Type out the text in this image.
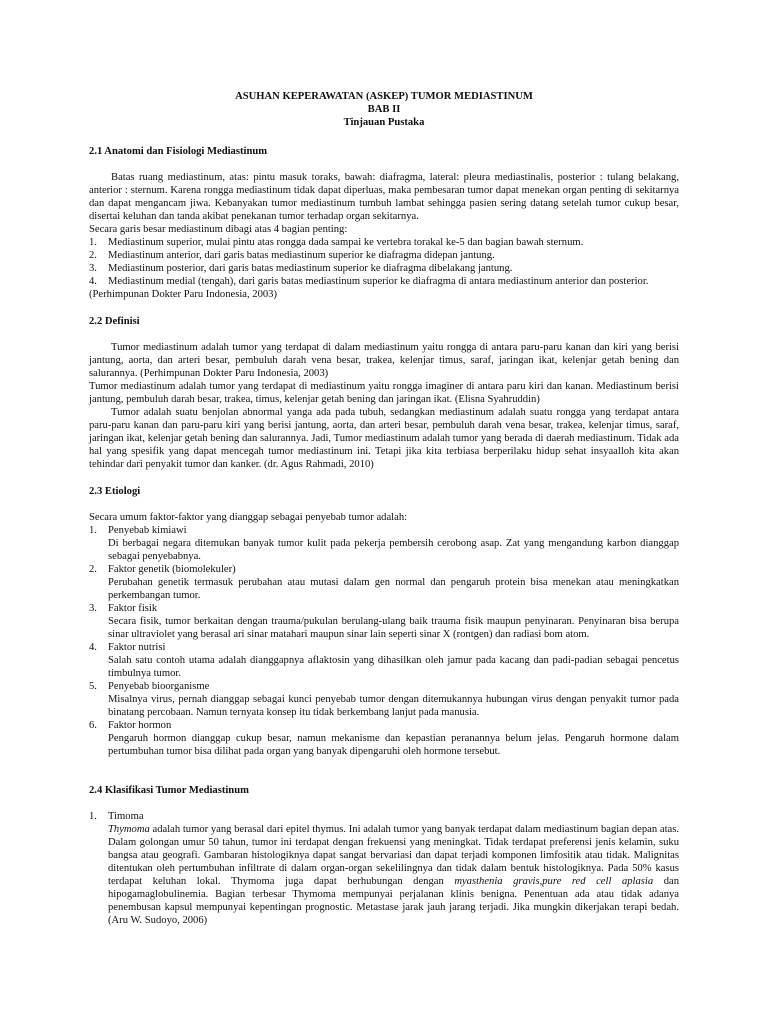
ASUHAN KEPERAWATAN (ASKEP) TUMOR MEDIASTINUM
BAB II
Tinjauan Pustaka
2.1 Anatomi dan Fisiologi Mediastinum

Batas ruang mediastinum, atas: pintu masuk toraks, bawah: diafragma, lateral: pleura mediastinalis, posterior : tulang belakang, anterior : sternum. Karena rongga mediastinum tidak dapat diperluas, maka pembesaran tumor dapat menekan organ penting di sekitarnya dan dapat mengancam jiwa. Kebanyakan tumor mediastinum tumbuh lambat sehingga pasien sering datang setelah tumor cukup besar, disertai keluhan dan tanda akibat penekanan tumor terhadap organ sekitarnya.

Secara garis besar mediastinum dibagi atas 4 bagian penting:

1. Mediastinum superior, mulai pintu atas rongga dada sampai ke vertebra torakal ke-5 dan bagian bawah sternum.
2. Mediastinum anterior, dari garis batas mediastinum superior ke diafragma didepan jantung.
3. Mediastinum posterior, dari garis batas mediastinum superior ke diafragma dibelakang jantung.
4. Mediastinum medial (tengah), dari garis batas mediastinum superior ke diafragma di antara mediastinum anterior dan posterior.

(Perhimpunan Dokter Paru Indonesia, 2003)

2.2 Definisi

Tumor mediastinum adalah tumor yang terdapat di dalam mediastinum yaitu rongga di antara paru-paru kanan dan kiri yang berisi jantung, aorta, dan arteri besar, pembuluh darah vena besar, trakea, kelenjar timus, saraf, jaringan ikat, kelenjar getah bening dan salurannya. (Perhimpunan Dokter Paru Indonesia, 2003)

Tumor mediastinum adalah tumor yang terdapat di mediastinum yaitu rongga imaginer di antara paru kiri dan kanan. Mediastinum berisi jantung, pembuluh darah besar, trakea, timus, kelenjar getah bening dan jaringan ikat. (Elisna Syahruddin)

Tumor adalah suatu benjolan abnormal yanga ada pada tubuh, sedangkan mediastinum adalah suatu rongga yang terdapat antara paru-paru kanan dan paru-paru kiri yang berisi jantung, aorta, dan arteri besar, pembuluh darah vena besar, trakea, kelenjar timus, saraf, jaringan ikat, kelenjar getah bening dan salurannya. Jadi, Tumor mediastinum adalah tumor yang berada di daerah mediastinum. Tidak ada hal yang spesifik yang dapat mencegah tumor mediastinum ini. Tetapi jika kita terbiasa berperilaku hidup sehat insyaalloh kita akan tehindar dari penyakit tumor dan kanker. (dr. Agus Rahmadi, 2010)

2.3 Etiologi

Secara umum faktor-faktor yang dianggap sebagai penyebab tumor adalah:

1. Penyebab kimiawi

Di berbagai negara ditemukan banyak tumor kulit pada pekerja pembersih cerobong asap. Zat yang mengandung karbon dianggap sebagai penyebabnya.

2. Faktor genetik (biomolekuler)

Perubahan genetik termasuk perubahan atau mutasi dalam gen normal dan pengaruh protein bisa menekan atau meningkatkan perkembangan tumor.

3. Faktor fisik

Secara fisik, tumor berkaitan dengan trauma/pukulan berulang-ulang baik trauma fisik maupun penyinaran. Penyinaran bisa berupa sinar ultraviolet yang berasal ari sinar matahari maupun sinar lain seperti sinar X (rontgen) dan radiasi bom atom.

4. Faktor nutrisi

Salah satu contoh utama adalah dianggapnya aflaktosin yang dihasilkan oleh jamur pada kacang dan padi-padian sebagai pencetus timbulnya tumor.

5. Penyebab bioorganisme

Misalnya virus, pernah dianggap sebagai kunci penyebab tumor dengan ditemukannya hubungan virus dengan penyakit tumor pada binatang percobaan. Namun ternyata konsep itu tidak berkembang lanjut pada manusia.

6. Faktor hormon

Pengaruh hormon dianggap cukup besar, namun mekanisme dan kepastian peranannya belum jelas. Pengaruh hormone dalam pertumbuhan tumor bisa dilihat pada organ yang banyak dipengaruhi oleh hormone tersebut.

2.4 Klasifikasi Tumor Mediastinum
1. Timoma

Thymoma adalah tumor yang berasal dari epitel thymus. Ini adalah tumor yang banyak terdapat dalam mediastinum bagian depan atas. Dalam golongan umur 50 tahun, tumor ini terdapat dengan frekuensi yang meningkat. Tidak terdapat preferensi jenis kelamin, suku bangsa atau geografi. Gambaran histologiknya dapat sangat bervariasi dan dapat terjadi komponen limfositik atau tidak. Malignitas ditentukan oleh pertumbuhan infiltrate di dalam organ-organ sekelilingnya dan tidak dalam bentuk histologiknya. Pada 50% kasus terdapat keluhan lokal. Thymoma juga dapat berhubungan dengan myasthenia gravis,pure red cell aplasia dan hipogamaglobulinemia. Bagian terbesar Thymoma mempunyai perjalanan klinis benigna. Penentuan ada atau tidak adanya penembusan kapsul mempunyai kepentingan prognostic. Metastase jarak jauh jarang terjadi. Jika mungkin dikerjakan terapi bedah. (Aru W. Sudoyo, 2006)
